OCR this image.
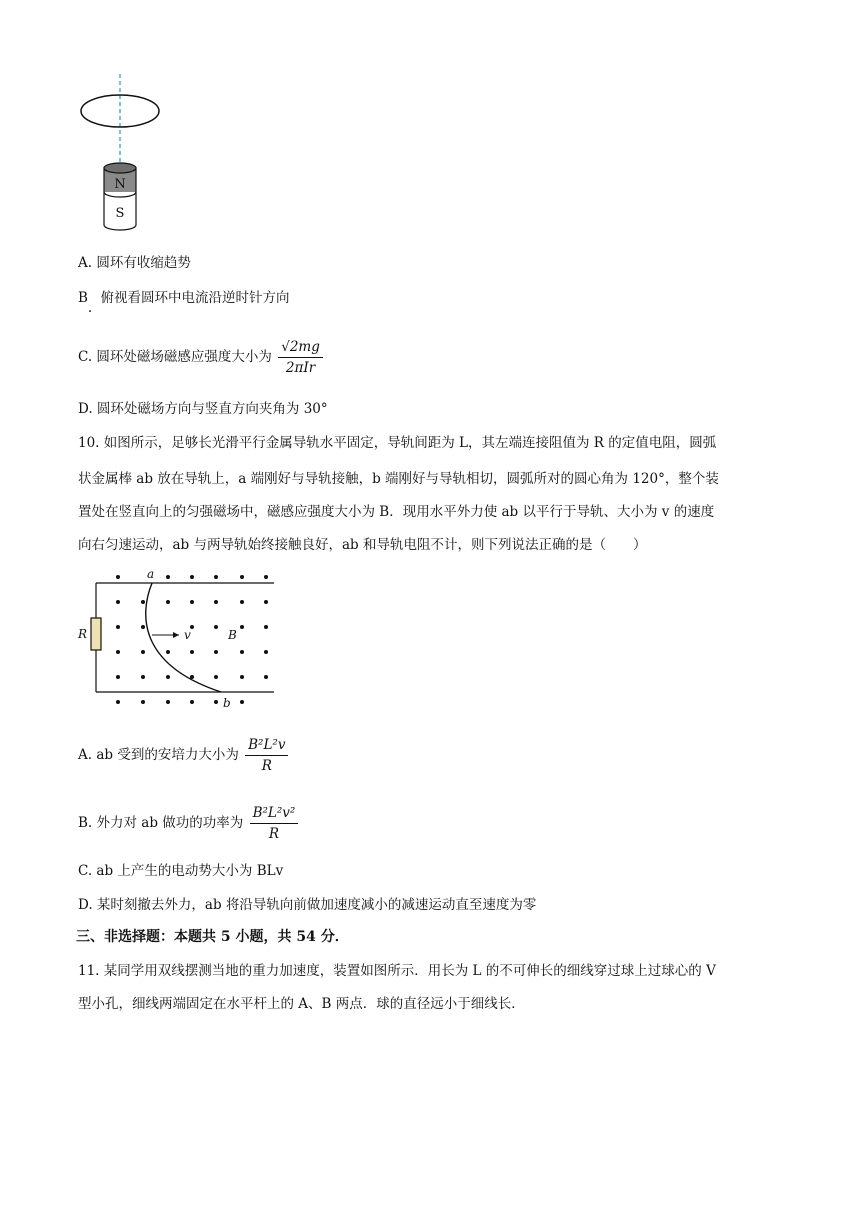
N
S
A. 圆环有收缩趋势
B. 俯视看圆环中电流沿逆时针方向
C. 圆环处磁场磁感应强度大小为 $\frac{√2mg}{\text{2πIr}}$
D. 圆环处磁场方向与竖直方向夹角为 30°
10. 如图所示，足够长光滑平行金属导轨水平固定，导轨间距为 L，其左端连接阻值为 R 的定值电阻，圆弧
状金属棒 ab 放在导轨上，a 端刚好与导轨接触，b 端刚好与导轨相切，圆弧所对的圆心角为 120°，整个装
置处在竖直向上的匀强磁场中，磁感应强度大小为 B．现用水平外力使 ab 以平行于导轨、大小为 v 的速度
向右匀速运动，ab 与两导轨始终接触良好，ab 和导轨电阻不计，则下列说法正确的是（　　）
R
a
b
v	B
A. ab 受到的安培力大小为 $\frac{\text{B²L²v}}{R}$
B. 外力对 ab 做功的功率为 $\frac{\text{B²L²v²}}{R}$
C. ab 上产生的电动势大小为 BLv
D. 某时刻撤去外力，ab 将沿导轨向前做加速度减小的减速运动直至速度为零
三、非选择题：本题共 5 小题，共 54 分．
11. 某同学用双线摆测当地的重力加速度，装置如图所示．用长为 L 的不可伸长的细线穿过球上过球心的 V
型小孔，细线两端固定在水平杆上的 A、B 两点．球的直径远小于细线长．
